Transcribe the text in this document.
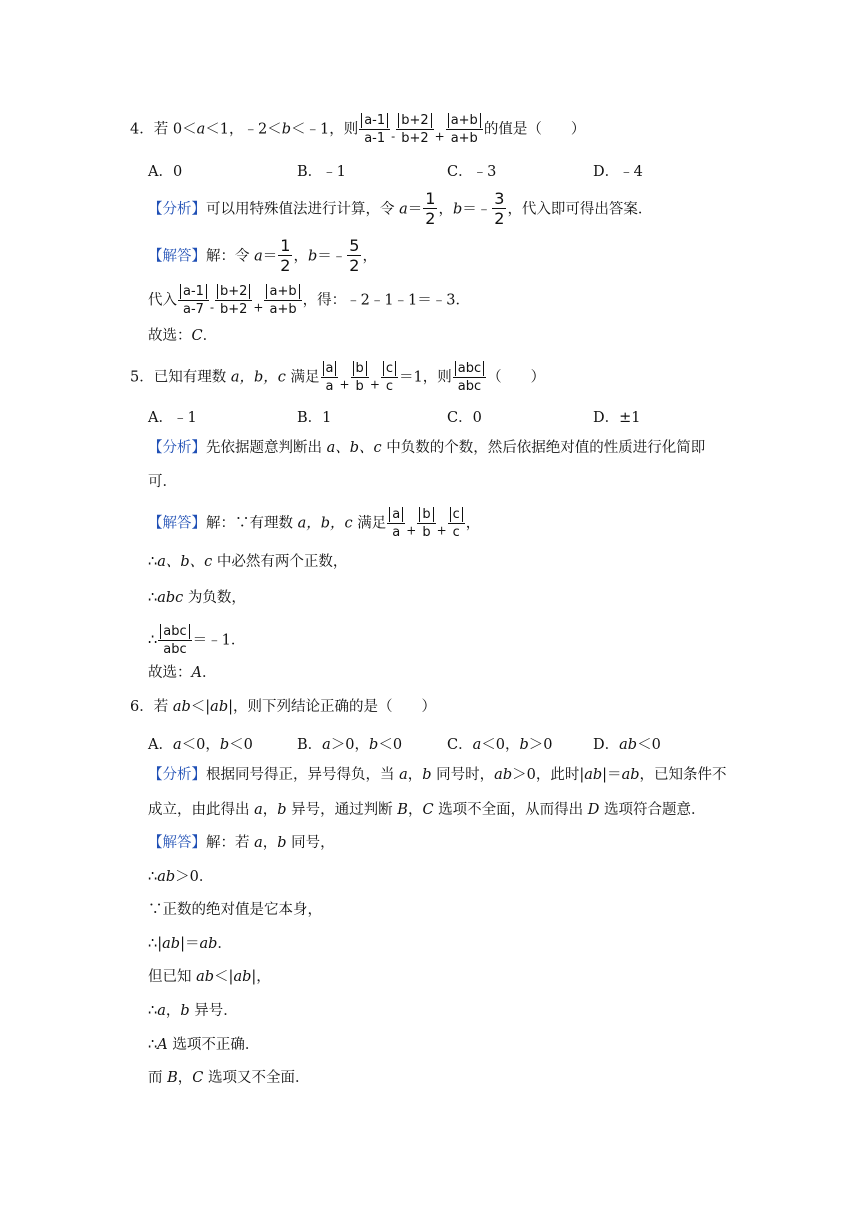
4．若 0＜a＜1，﹣2＜b＜﹣1，则 $\frac{a-1}{a-1} _- \frac{b+2}{b+2} _+ \frac{a+b}{a+b}$ 的值是（　　）
A．0	B．﹣1	C．﹣3	D．﹣4
【分析】可以用特殊值法进行计算，令 $a= \frac{1}{2}$ ，b＝﹣ $\frac{3}{2}$ ，代入即可得出答案．
【解答】解：令 $a= \frac{1}{2}$ ，b＝﹣ $\frac{5}{2}$ ，
代入 $\frac{a-1}{a-7} _- \frac{b+2}{b+2} _+ \frac{a+b}{a+b}$ ，得：﹣2﹣1﹣1＝﹣3．
故选：C．
5．已知有理数 a，b，c 满足 $\frac{a}{a} _+ \frac{b}{b} _+ \frac{c}{c} =1$，则 $\frac{\text{abc}}{\text{abc}}$ （　　）
A．﹣1	B．1	C．0	D．±1
【分析】先依据题意判断出 a、b、c 中负数的个数，然后依据绝对值的性质进行化简即
可．
【解答】解：∵有理数 a，b，c 满足 $\frac{a}{a} _+ \frac{b}{b} _+ \frac{c}{c}$ ，
∴a、b、c 中必然有两个正数，
∴abc 为负数，
∴ $\frac{\text{abc}}{\text{abc}}$ ＝﹣1．
故选：A．
6．若 ab＜|ab|，则下列结论正确的是（　　）
A．a＜0，b＜0	B．a＞0，b＜0	C．a＜0，b＞0	D．ab＜0
【分析】根据同号得正，异号得负，当 a，b 同号时，ab＞0，此时|ab|＝ab，已知条件不
成立，由此得出 a，b 异号，通过判断 B，C 选项不全面，从而得出 D 选项符合题意．
【解答】解：若 a，b 同号，
∴ab＞0．
∵正数的绝对值是它本身，
∴|ab|＝ab．
但已知 ab＜|ab|，
∴a，b 异号．
∴A 选项不正确．
而 B，C 选项又不全面．
